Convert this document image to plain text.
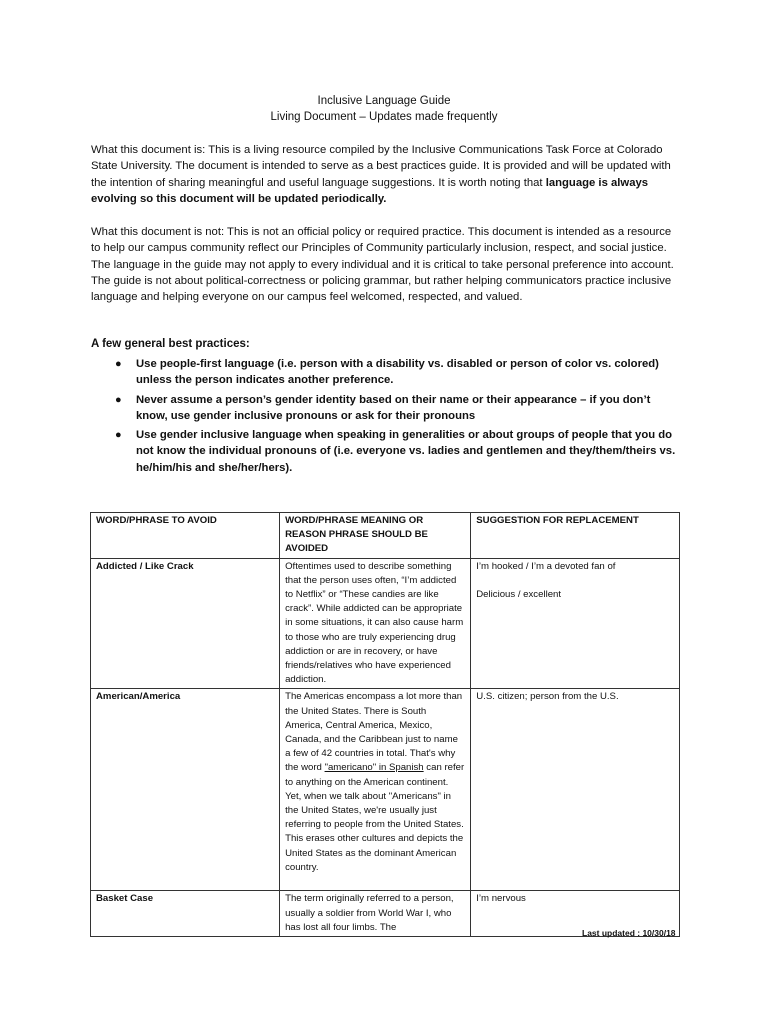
Inclusive Language Guide
Living Document – Updates made frequently

What this document is: This is a living resource compiled by the Inclusive Communications Task Force at Colorado State University. The document is intended to serve as a best practices guide. It is provided and will be updated with the intention of sharing meaningful and useful language suggestions. It is worth noting that language is always evolving so this document will be updated periodically.

What this document is not: This is not an official policy or required practice. This document is intended as a resource to help our campus community reflect our Principles of Community particularly inclusion, respect, and social justice. The language in the guide may not apply to every individual and it is critical to take personal preference into account. The guide is not about political-correctness or policing grammar, but rather helping communicators practice inclusive language and helping everyone on our campus feel welcomed, respected, and valued.

A few general best practices:

● Use people-first language (i.e. person with a disability vs. disabled or person of color vs. colored) unless the person indicates another preference.
● Never assume a person’s gender identity based on their name or their appearance – if you don’t know, use gender inclusive pronouns or ask for their pronouns
● Use gender inclusive language when speaking in generalities or about groups of people that you do not know the individual pronouns of (i.e. everyone vs. ladies and gentlemen and they/them/theirs vs. he/him/his and she/her/hers).
WORD/PHRASE TO AVOID	WORD/PHRASE MEANING OR REASON PHRASE SHOULD BE AVOIDED	SUGGESTION FOR REPLACEMENT
Addicted / Like Crack	Oftentimes used to describe something that the person uses often, “I’m addicted to Netflix” or “These candies are like crack”. While addicted can be appropriate in some situations, it can also cause harm to those who are truly experiencing drug addiction or are in recovery, or have friends/relatives who have experienced addiction.	I’m hooked / I’m a devoted fan of
Delicious / excellent
American/America	The Americas encompass a lot more than the United States. There is South America, Central America, Mexico, Canada, and the Caribbean just to name a few of 42 countries in total. That's why the word "americano" in Spanish can refer to anything on the American continent. Yet, when we talk about "Americans" in the United States, we're usually just referring to people from the United States. This erases other cultures and depicts the United States as the dominant American country.	U.S. citizen; person from the U.S.
Basket Case	The term originally referred to a person, usually a soldier from World War I, who has lost all four limbs. The	I’m nervous
Last updated : 10/30/18
